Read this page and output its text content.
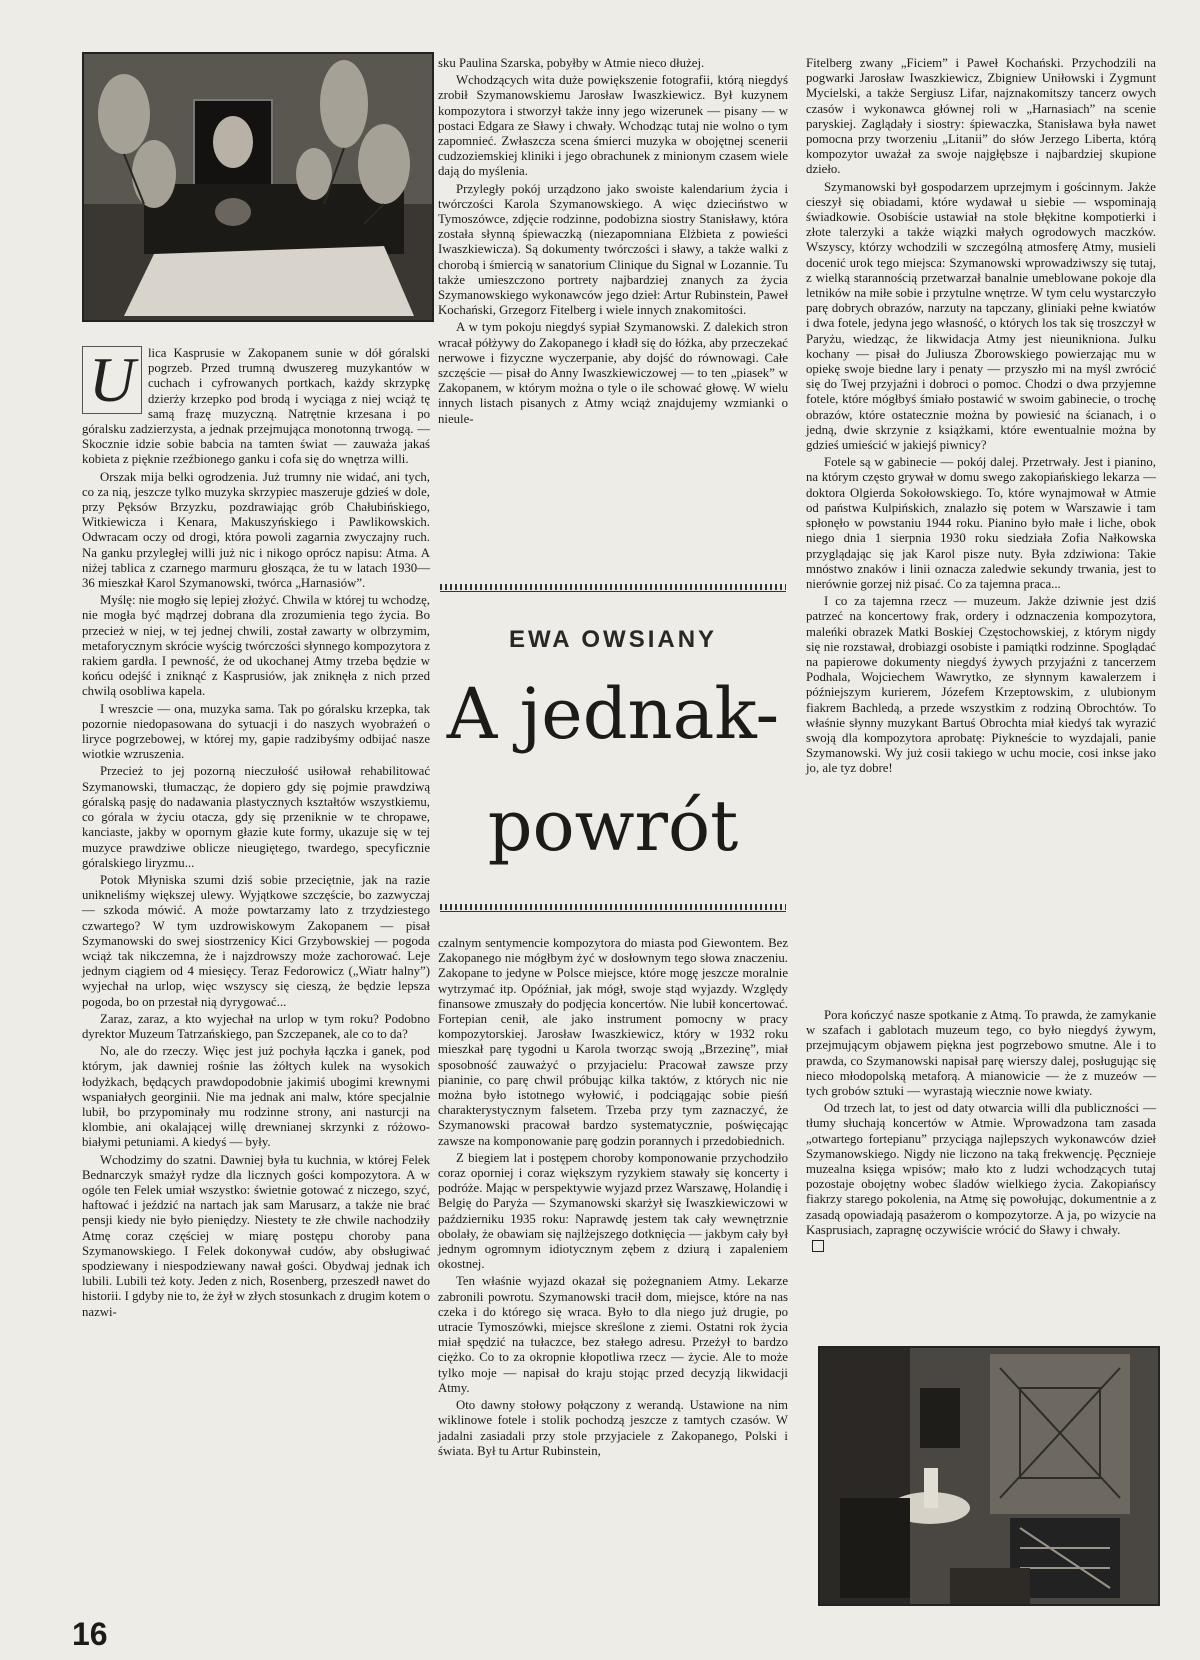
U	lica Kasprusie w Zakopanem sunie w dół góralski pogrzeb. Przed trumną dwuszereg muzykantów w cuchach i cyfrowanych portkach, każdy skrzypkę dzierży krzepko pod brodą i wyciąga z niej wciąż tę samą frazę muzyczną. Natrętnie krzesana i po góralsku zadzierzysta, a jednak przejmująca monotonną trwogą. — Skocznie idzie sobie babcia na tamten świat — zauważa jakaś kobieta z pięknie rzeźbionego ganku i cofa się do wnętrza willi.

Orszak mija belki ogrodzenia. Już trumny nie widać, ani tych, co za nią, jeszcze tylko muzyka skrzypiec maszeruje gdzieś w dole, przy Pęksów Brzyzku, pozdrawiając grób Chałubińskiego, Witkiewicza i Kenara, Makuszyńskiego i Pawlikowskich. Odwracam oczy od drogi, która powoli zagarnia zwyczajny ruch. Na ganku przyległej willi już nic i nikogo oprócz napisu: Atma. A niżej tablica z czarnego marmuru głosząca, że tu w latach 1930—36 mieszkał Karol Szymanowski, twórca „Harnasiów”.

Myślę: nie mogło się lepiej złożyć. Chwila w której tu wchodzę, nie mogła być mądrzej dobrana dla zrozumienia tego życia. Bo przecież w niej, w tej jednej chwili, został zawarty w olbrzymim, metaforycznym skrócie wyścig twórczości słynnego kompozytora z rakiem gardła. I pewność, że od ukochanej Atmy trzeba będzie w końcu odejść i zniknąć z Kasprusiów, jak zniknęła z nich przed chwilą osobliwa kapela.

I wreszcie — ona, muzyka sama. Tak po góralsku krzepka, tak pozornie niedopasowana do sytuacji i do naszych wyobrażeń o liryce pogrzebowej, w której my, gapie radzibyśmy odbijać nasze wiotkie wzruszenia.

Przecież to jej pozorną nieczułość usiłował rehabilitować Szymanowski, tłumacząc, że dopiero gdy się pojmie prawdziwą góralską pasję do nadawania plastycznych kształtów wszystkiemu, co górala w życiu otacza, gdy się przeniknie w te chropawe, kanciaste, jakby w opornym głazie kute formy, ukazuje się w tej muzyce prawdziwe oblicze nieugiętego, twardego, specyficznie góralskiego liryzmu...

Potok Młyniska szumi dziś sobie przeciętnie, jak na razie unikneliśmy większej ulewy. Wyjątkowe szczęście, bo zazwyczaj — szkoda mówić. A może powtarzamy lato z trzydziestego czwartego? W tym uzdrowiskowym Zakopanem — pisał Szymanowski do swej siostrzenicy Kici Grzybowskiej — pogoda wciąż tak nikczemna, że i najzdrowszy może zachorować. Leje jednym ciągiem od 4 miesięcy. Teraz Fedorowicz („Wiatr halny”) wyjechał na urlop, więc wszyscy się cieszą, że będzie lepsza pogoda, bo on przestał nią dyrygować...

Zaraz, zaraz, a kto wyjechał na urlop w tym roku? Podobno dyrektor Muzeum Tatrzańskiego, pan Szczepanek, ale co to da?

No, ale do rzeczy. Więc jest już pochyła łączka i ganek, pod którym, jak dawniej rośnie las żółtych kulek na wysokich łodyżkach, będących prawdopodobnie jakimiś ubogimi krewnymi wspaniałych georginii. Nie ma jednak ani malw, które specjalnie lubił, bo przypominały mu rodzinne strony, ani nasturcji na klombie, ani okalającej willę drewnianej skrzynki z różowo-białymi petuniami. A kiedyś — były.

Wchodzimy do szatni. Dawniej była tu kuchnia, w której Felek Bednarczyk smażył rydze dla licznych gości kompozytora. A w ogóle ten Felek umiał wszystko: świetnie gotować z niczego, szyć, haftować i jeździć na nartach jak sam Marusarz, a także nie brać pensji kiedy nie było pieniędzy. Niestety te złe chwile nachodziły Atmę coraz częściej w miarę postępu choroby pana Szymanowskiego. I Felek dokonywał cudów, aby obsługiwać spodziewany i niespodziewany nawał gości. Obydwaj jednak ich lubili. Lubili też koty. Jeden z nich, Rosenberg, przeszedł nawet do historii. I gdyby nie to, że żył w złych stosunkach z drugim kotem o nazwi-

sku Paulina Szarska, pobyłby w Atmie nieco dłużej.

Wchodzących wita duże powiększenie fotografii, którą niegdyś zrobił Szymanowskiemu Jarosław Iwaszkiewicz. Był kuzynem kompozytora i stworzył także inny jego wizerunek — pisany — w postaci Edgara ze Sławy i chwały. Wchodząc tutaj nie wolno o tym zapomnieć. Zwłaszcza scena śmierci muzyka w obojętnej scenerii cudzoziemskiej kliniki i jego obrachunek z minionym czasem wiele dają do myślenia.

Przyległy pokój urządzono jako swoiste kalendarium życia i twórczości Karola Szymanowskiego. A więc dzieciństwo w Tymoszówce, zdjęcie rodzinne, podobizna siostry Stanisławy, która została słynną śpiewaczką (niezapomniana Elżbieta z powieści Iwaszkiewicza). Są dokumenty twórczości i sławy, a także walki z chorobą i śmiercią w sanatorium Clinique du Signal w Lozannie. Tu także umieszczono portrety najbardziej znanych za życia Szymanowskiego wykonawców jego dzieł: Artur Rubinstein, Paweł Kochański, Grzegorz Fitelberg i wiele innych znakomitości.

A w tym pokoju niegdyś sypiał Szymanowski. Z dalekich stron wracał półżywy do Zakopanego i kładł się do łóżka, aby przeczekać nerwowe i fizyczne wyczerpanie, aby dojść do równowagi. Całe szczęście — pisał do Anny Iwaszkiewiczowej — to ten „piasek” w Zakopanem, w którym można o tyle o ile schować głowę. W wielu innych listach pisanych z Atmy wciąż znajdujemy wzmianki o nieule-

EWA OWSIANY
A jednak-
powrót

czalnym sentymencie kompozytora do miasta pod Giewontem. Bez Zakopanego nie mógłbym żyć w dosłownym tego słowa znaczeniu. Zakopane to jedyne w Polsce miejsce, które mogę jeszcze moralnie wytrzymać itp. Opóźniał, jak mógł, swoje stąd wyjazdy. Względy finansowe zmuszały do podjęcia koncertów. Nie lubił koncertować. Fortepian cenił, ale jako instrument pomocny w pracy kompozytorskiej. Jarosław Iwaszkiewicz, który w 1932 roku mieszkał parę tygodni u Karola tworząc swoją „Brzezinę”, miał sposobność zauważyć o przyjacielu: Pracował zawsze przy pianinie, co parę chwil próbując kilka taktów, z których nic nie można było istotnego wyłowić, i podciągając sobie pieśń charakterystycznym falsetem. Trzeba przy tym zaznaczyć, że Szymanowski pracował bardzo systematycznie, poświęcając zawsze na komponowanie parę godzin porannych i przedobiednich.

Z biegiem lat i postępem choroby komponowanie przychodziło coraz oporniej i coraz większym ryzykiem stawały się koncerty i podróże. Mając w perspektywie wyjazd przez Warszawę, Holandię i Belgię do Paryża — Szymanowski skarżył się Iwaszkiewiczowi w październiku 1935 roku: Naprawdę jestem tak cały wewnętrznie obolały, że obawiam się najlżejszego dotknięcia — jakbym cały był jednym ogromnym idiotycznym zębem z dziurą i zapaleniem okostnej.

Ten właśnie wyjazd okazał się pożegnaniem Atmy. Lekarze zabronili powrotu. Szymanowski tracił dom, miejsce, które na nas czeka i do którego się wraca. Było to dla niego już drugie, po utracie Tymoszówki, miejsce skreślone z ziemi. Ostatni rok życia miał spędzić na tułaczce, bez stałego adresu. Przeżył to bardzo ciężko. Co to za okropnie kłopotliwa rzecz — życie. Ale to może tylko moje — napisał do kraju stojąc przed decyzją likwidacji Atmy.

Oto dawny stołowy połączony z werandą. Ustawione na nim wiklinowe fotele i stolik pochodzą jeszcze z tamtych czasów. W jadalni zasiadali przy stole przyjaciele z Zakopanego, Polski i świata. Był tu Artur Rubinstein,

Fitelberg zwany „Ficiem” i Paweł Kochański. Przychodzili na pogwarki Jarosław Iwaszkiewicz, Zbigniew Uniłowski i Zygmunt Mycielski, a także Sergiusz Lifar, najznakomitszy tancerz owych czasów i wykonawca głównej roli w „Harnasiach” na scenie paryskiej. Zaglądały i siostry: śpiewaczka, Stanisława była nawet pomocna przy tworzeniu „Litanii” do słów Jerzego Liberta, którą kompozytor uważał za swoje najgłębsze i najbardziej skupione dzieło.

Szymanowski był gospodarzem uprzejmym i gościnnym. Jakże cieszył się obiadami, które wydawał u siebie — wspominają świadkowie. Osobiście ustawiał na stole błękitne kompotierki i złote talerzyki a także wiązki małych ogrodowych maczków. Wszyscy, którzy wchodzili w szczególną atmosferę Atmy, musieli docenić urok tego miejsca: Szymanowski wprowadziwszy się tutaj, z wielką starannością przetwarzał banalnie umeblowane pokoje dla letników na miłe sobie i przytulne wnętrze. W tym celu wystarczyło parę dobrych obrazów, narzuty na tapczany, gliniaki pełne kwiatów i dwa fotele, jedyna jego własność, o których los tak się troszczył w Paryżu, wiedząc, że likwidacja Atmy jest nieunikniona. Julku kochany — pisał do Juliusza Zborowskiego powierzając mu w opiekę swoje biedne lary i penaty — przyszło mi na myśl zwrócić się do Twej przyjaźni i dobroci o pomoc. Chodzi o dwa przyjemne fotele, które mógłbyś śmiało postawić w swoim gabinecie, o trochę obrazów, które ostatecznie można by powiesić na ścianach, i o jedną, dwie skrzynie z książkami, które ewentualnie można by gdzieś umieścić w jakiejś piwnicy?

Fotele są w gabinecie — pokój dalej. Przetrwały. Jest i pianino, na którym często grywał w domu swego zakopiańskiego lekarza — doktora Olgierda Sokołowskiego. To, które wynajmował w Atmie od państwa Kulpińskich, znalazło się potem w Warszawie i tam spłonęło w powstaniu 1944 roku. Pianino było małe i liche, obok niego dnia 1 sierpnia 1930 roku siedziała Zofia Nałkowska przyglądając się jak Karol pisze nuty. Była zdziwiona: Takie mnóstwo znaków i linii oznacza zaledwie sekundy trwania, jest to nierównie gorzej niż pisać. Co za tajemna praca...

I co za tajemna rzecz — muzeum. Jakże dziwnie jest dziś patrzeć na koncertowy frak, ordery i odznaczenia kompozytora, maleńki obrazek Matki Boskiej Częstochowskiej, z którym nigdy się nie rozstawał, drobiazgi osobiste i pamiątki rodzinne. Spoglądać na papierowe dokumenty niegdyś żywych przyjaźni z tancerzem Podhala, Wojciechem Wawrytko, ze słynnym kawalerzem i późniejszym kurierem, Józefem Krzeptowskim, z ulubionym fiakrem Bachledą, a przede wszystkim z rodziną Obrochtów. To właśnie słynny muzykant Bartuś Obrochta miał kiedyś tak wyrazić swoją dla kompozytora aprobatę: Piykneście to wyzdajali, panie Szymanowski. Wy już cosii takiego w uchu mocie, cosi inkse jako jo, ale tyz dobre!

Pora kończyć nasze spotkanie z Atmą. To prawda, że zamykanie w szafach i gablotach muzeum tego, co było niegdyś żywym, przejmującym objawem piękna jest pogrzebowo smutne. Ale i to prawda, co Szymanowski napisał parę wierszy dalej, posługując się nieco młodopolską metaforą. A mianowicie — że z muzeów — tych grobów sztuki — wyrastają wiecznie nowe kwiaty.

Od trzech lat, to jest od daty otwarcia willi dla publiczności — tłumy słuchają koncertów w Atmie. Wprowadzona tam zasada „otwartego fortepianu” przyciąga najlepszych wykonawców dzieł Szymanowskiego. Nigdy nie liczono na taką frekwencję. Pęcznieje muzealna księga wpisów; mało kto z ludzi wchodzących tutaj pozostaje obojętny wobec śladów wielkiego życia. Zakopiańscy fiakrzy starego pokolenia, na Atmę się powołując, dokumentnie a z zasadą opowiadają pasażerom o kompozytorze. A ja, po wizycie na Kasprusiach, zapragnę oczywiście wrócić do Sławy i chwały.

16
